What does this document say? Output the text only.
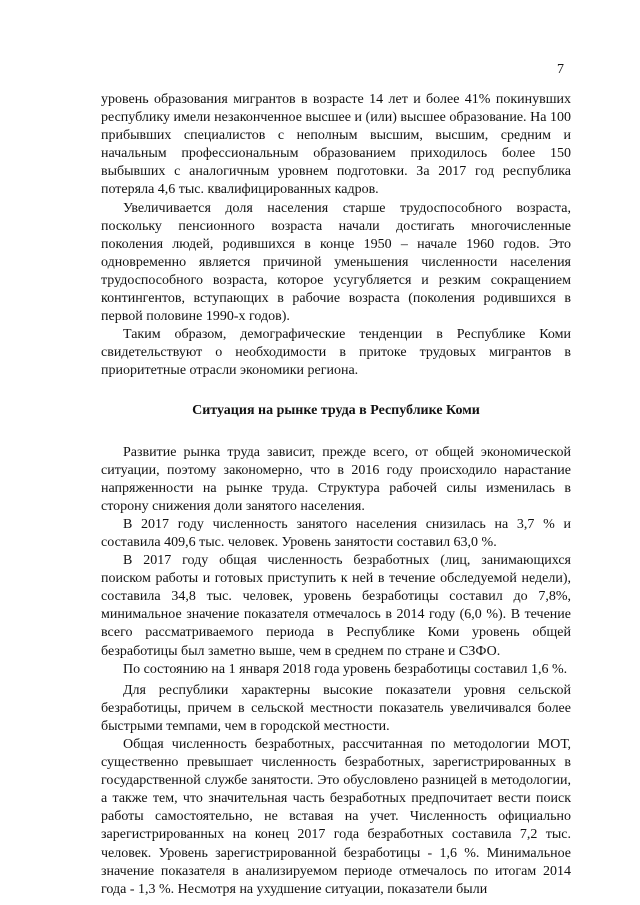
7

уровень образования мигрантов в возрасте 14 лет и более 41% покинувших республику имели незаконченное высшее и (или) высшее образование. На 100 прибывших специалистов с неполным высшим, высшим, средним и начальным профессиональным образованием приходилось более 150 выбывших с аналогичным уровнем подготовки. За 2017 год республика потеряла 4,6 тыс. квалифицированных кадров.

Увеличивается доля населения старше трудоспособного возраста, поскольку пенсионного возраста начали достигать многочисленные поколения людей, родившихся в конце 1950 – начале 1960 годов. Это одновременно является причиной уменьшения численности населения трудоспособного возраста, которое усугубляется и резким сокращением контингентов, вступающих в рабочие возраста (поколения родившихся в первой половине 1990-х годов).

Таким образом, демографические тенденции в Республике Коми свидетельствуют о необходимости в притоке трудовых мигрантов в приоритетные отрасли экономики региона.

Ситуация на рынке труда в Республике Коми

Развитие рынка труда зависит, прежде всего, от общей экономической ситуации, поэтому закономерно, что в 2016 году происходило нарастание напряженности на рынке труда. Структура рабочей силы изменилась в сторону снижения доли занятого населения.

В 2017 году численность занятого населения снизилась на 3,7 % и составила 409,6 тыс. человек. Уровень занятости составил 63,0 %.

В 2017 году общая численность безработных (лиц, занимающихся поиском работы и готовых приступить к ней в течение обследуемой недели), составила 34,8 тыс. человек, уровень безработицы составил до 7,8%, минимальное значение показателя отмечалось в 2014 году (6,0 %). В течение всего рассматриваемого периода в Республике Коми уровень общей безработицы был заметно выше, чем в среднем по стране и СЗФО.

По состоянию на 1 января 2018 года уровень безработицы составил 1,6 %.

Для республики характерны высокие показатели уровня сельской безработицы, причем в сельской местности показатель увеличивался более быстрыми темпами, чем в городской местности.

Общая численность безработных, рассчитанная по методологии МОТ, существенно превышает численность безработных, зарегистрированных в государственной службе занятости. Это обусловлено разницей в методологии, а также тем, что значительная часть безработных предпочитает вести поиск работы самостоятельно, не вставая на учет. Численность официально зарегистрированных на конец 2017 года безработных составила 7,2 тыс. человек. Уровень зарегистрированной безработицы - 1,6 %. Минимальное значение показателя в анализируемом периоде отмечалось по итогам 2014 года - 1,3 %. Несмотря на ухудшение ситуации, показатели были
